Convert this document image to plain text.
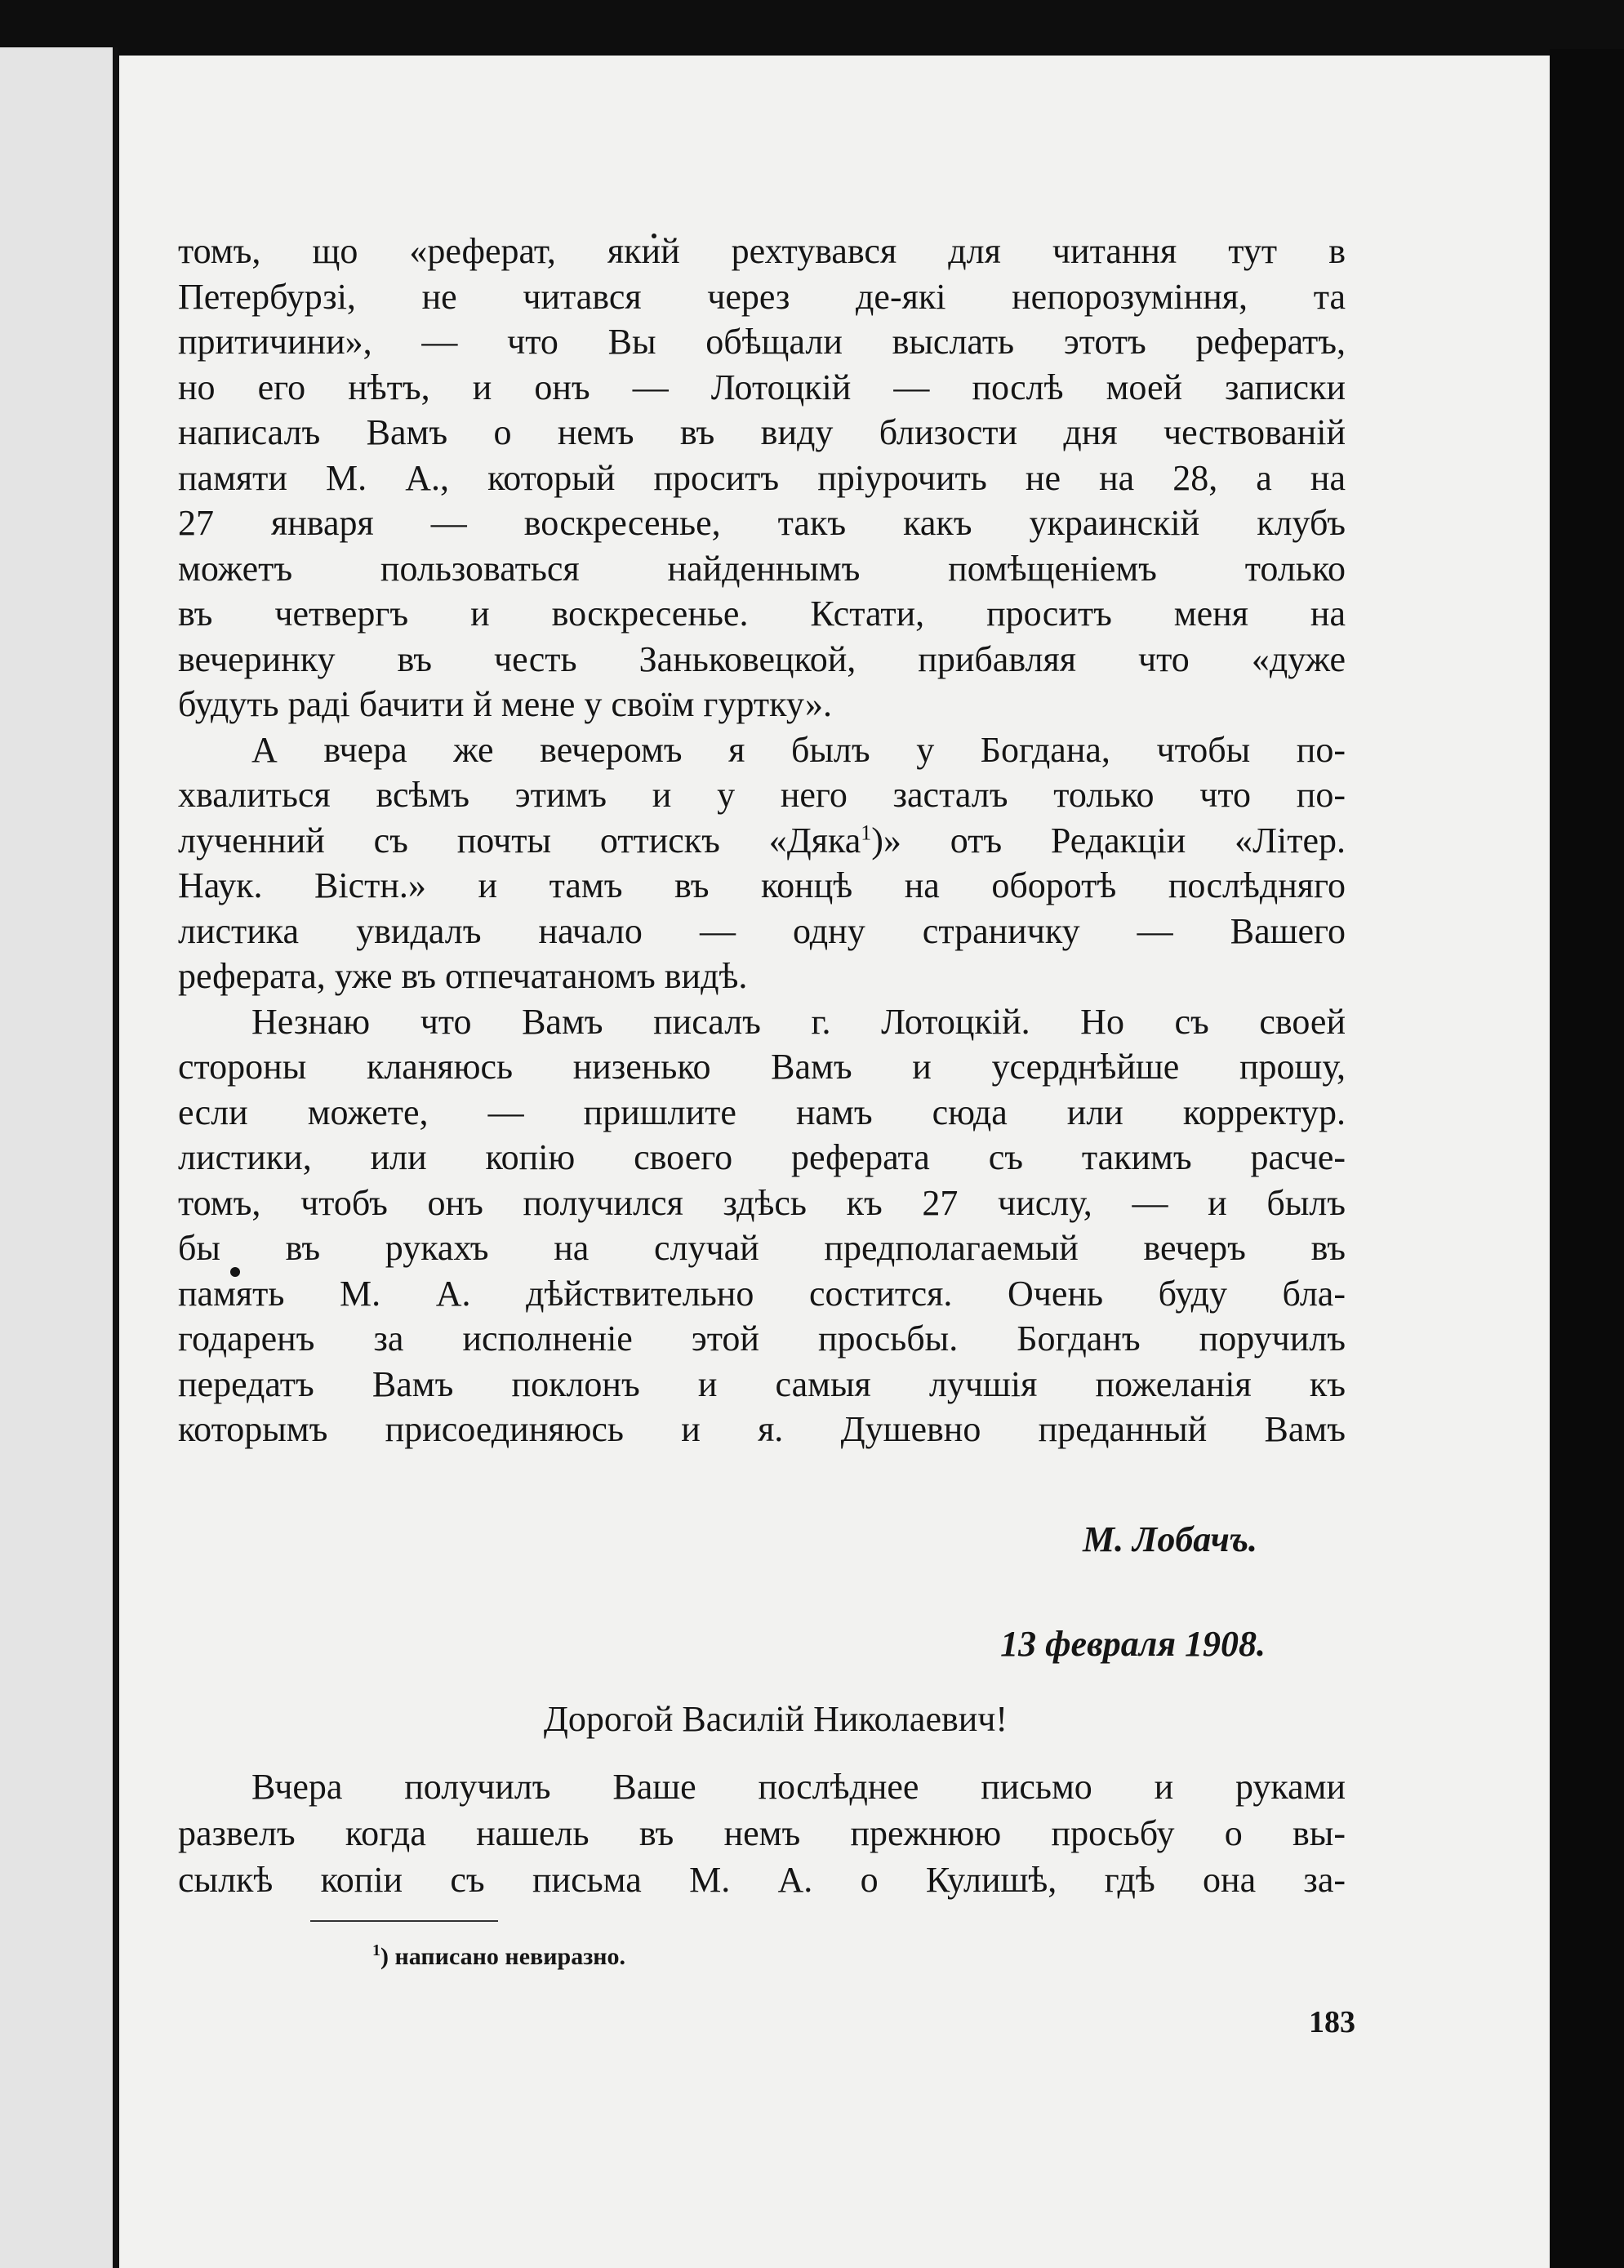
томъ, що «реферат, який рехтувався для читання тут в
Петербурзі, не читався через де-які непорозуміння, та
притичини», — что Вы обѣщали выслать этотъ рефератъ,
но его нѣтъ, и онъ — Лотоцкій — послѣ моей записки
написалъ Вамъ о немъ въ виду близости дня чествованій
памяти М. А., который проситъ пріурочить не на 28, а на
27 января — воскресенье, такъ какъ украинскій клубъ
можетъ пользоваться найденнымъ помѣщеніемъ только
въ четвергъ и воскресенье. Кстати, проситъ меня на
вечеринку въ честь Заньковецкой, прибавляя что «дуже
будуть раді бачити й мене у своїм гуртку».

А вчера же вечеромъ я былъ у Богдана, чтобы по-
хвалиться всѣмъ этимъ и у него засталъ только что по-
лученний съ почты оттискъ «Дяка$^1$)» отъ Редакціи «Літер.
Наук. Вістн.» и тамъ въ концѣ на оборотѣ послѣдняго
листика увидалъ начало — одну страничку — Вашего
реферата, уже въ отпечатаномъ видѣ.

Незнаю что Вамъ писалъ г. Лотоцкій. Но съ своей
стороны кланяюсь низенько Вамъ и усерднѣйше прошу,
если можете, — пришлите намъ сюда или корректур.
листики, или копію своего реферата съ такимъ расче-
томъ, чтобъ онъ получился здѣсь къ 27 числу, — и былъ
бы въ рукахъ на случай предполагаемый вечеръ въ
память М. А. дѣйствительно состится. Очень буду бла-
годаренъ за исполненіе этой просьбы. Богданъ поручилъ
передатъ Вамъ поклонъ и самыя лучшія пожеланія къ
которымъ присоединяюсь и я. Душевно преданный Вамъ

М. Лобачъ.
13 февраля 1908.
Дорогой Василій Николаевич!
Вчера получилъ Ваше послѣднее письмо и руками
развелъ когда нашель въ немъ прежнюю просьбу о вы-
сылкѣ копіи съ письма М. А. о Кулишѣ, гдѣ она за-
$^1$) написано невиразно.
183
